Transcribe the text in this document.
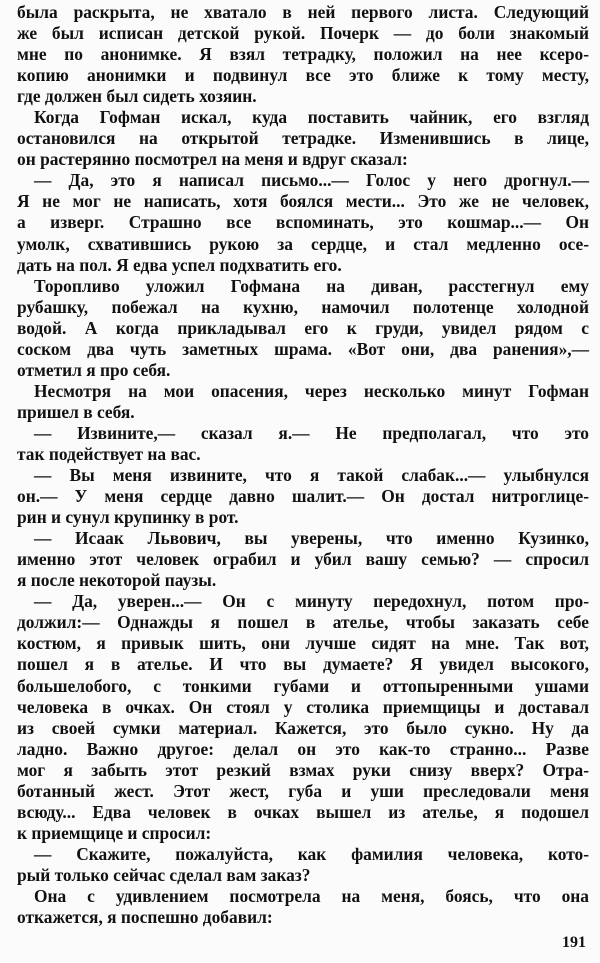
была раскрыта, не хватало в ней первого листа. Следующий
же был исписан детской рукой. Почерк — до боли знакомый
мне по анонимке. Я взял тетрадку, положил на нее ксеро-
копию анонимки и подвинул все это ближе к тому месту,
где должен был сидеть хозяин.
Когда Гофман искал, куда поставить чайник, его взгляд
остановился на открытой тетрадке. Изменившись в лице,
он растерянно посмотрел на меня и вдруг сказал:
— Да, это я написал письмо...— Голос у него дрогнул.—
Я не мог не написать, хотя боялся мести... Это же не человек,
а изверг. Страшно все вспоминать, это кошмар...— Он
умолк, схватившись рукою за сердце, и стал медленно осе-
дать на пол. Я едва успел подхватить его.
Торопливо уложил Гофмана на диван, расстегнул ему
рубашку, побежал на кухню, намочил полотенце холодной
водой. А когда прикладывал его к груди, увидел рядом с
соском два чуть заметных шрама. «Вот они, два ранения»,—
отметил я про себя.
Несмотря на мои опасения, через несколько минут Гофман
пришел в себя.
— Извините,— сказал я.— Не предполагал, что это
так подействует на вас.
— Вы меня извините, что я такой слабак...— улыбнулся
он.— У меня сердце давно шалит.— Он достал нитроглице-
рин и сунул крупинку в рот.
— Исаак Львович, вы уверены, что именно Кузинко,
именно этот человек ограбил и убил вашу семью? — спросил
я после некоторой паузы.
— Да, уверен...— Он с минуту передохнул, потом про-
должил:— Однажды я пошел в ателье, чтобы заказать себе
костюм, я привык шить, они лучше сидят на мне. Так вот,
пошел я в ателье. И что вы думаете? Я увидел высокого,
большелобого, с тонкими губами и оттопыренными ушами
человека в очках. Он стоял у столика приемщицы и доставал
из своей сумки материал. Кажется, это было сукно. Ну да
ладно. Важно другое: делал он это как-то странно... Разве
мог я забыть этот резкий взмах руки снизу вверх? Отра-
ботанный жест. Этот жест, губа и уши преследовали меня
всюду... Едва человек в очках вышел из ателье, я подошел
к приемщице и спросил:
— Скажите, пожалуйста, как фамилия человека, кото-
рый только сейчас сделал вам заказ?
Она с удивлением посмотрела на меня, боясь, что она
откажется, я поспешно добавил:
191
